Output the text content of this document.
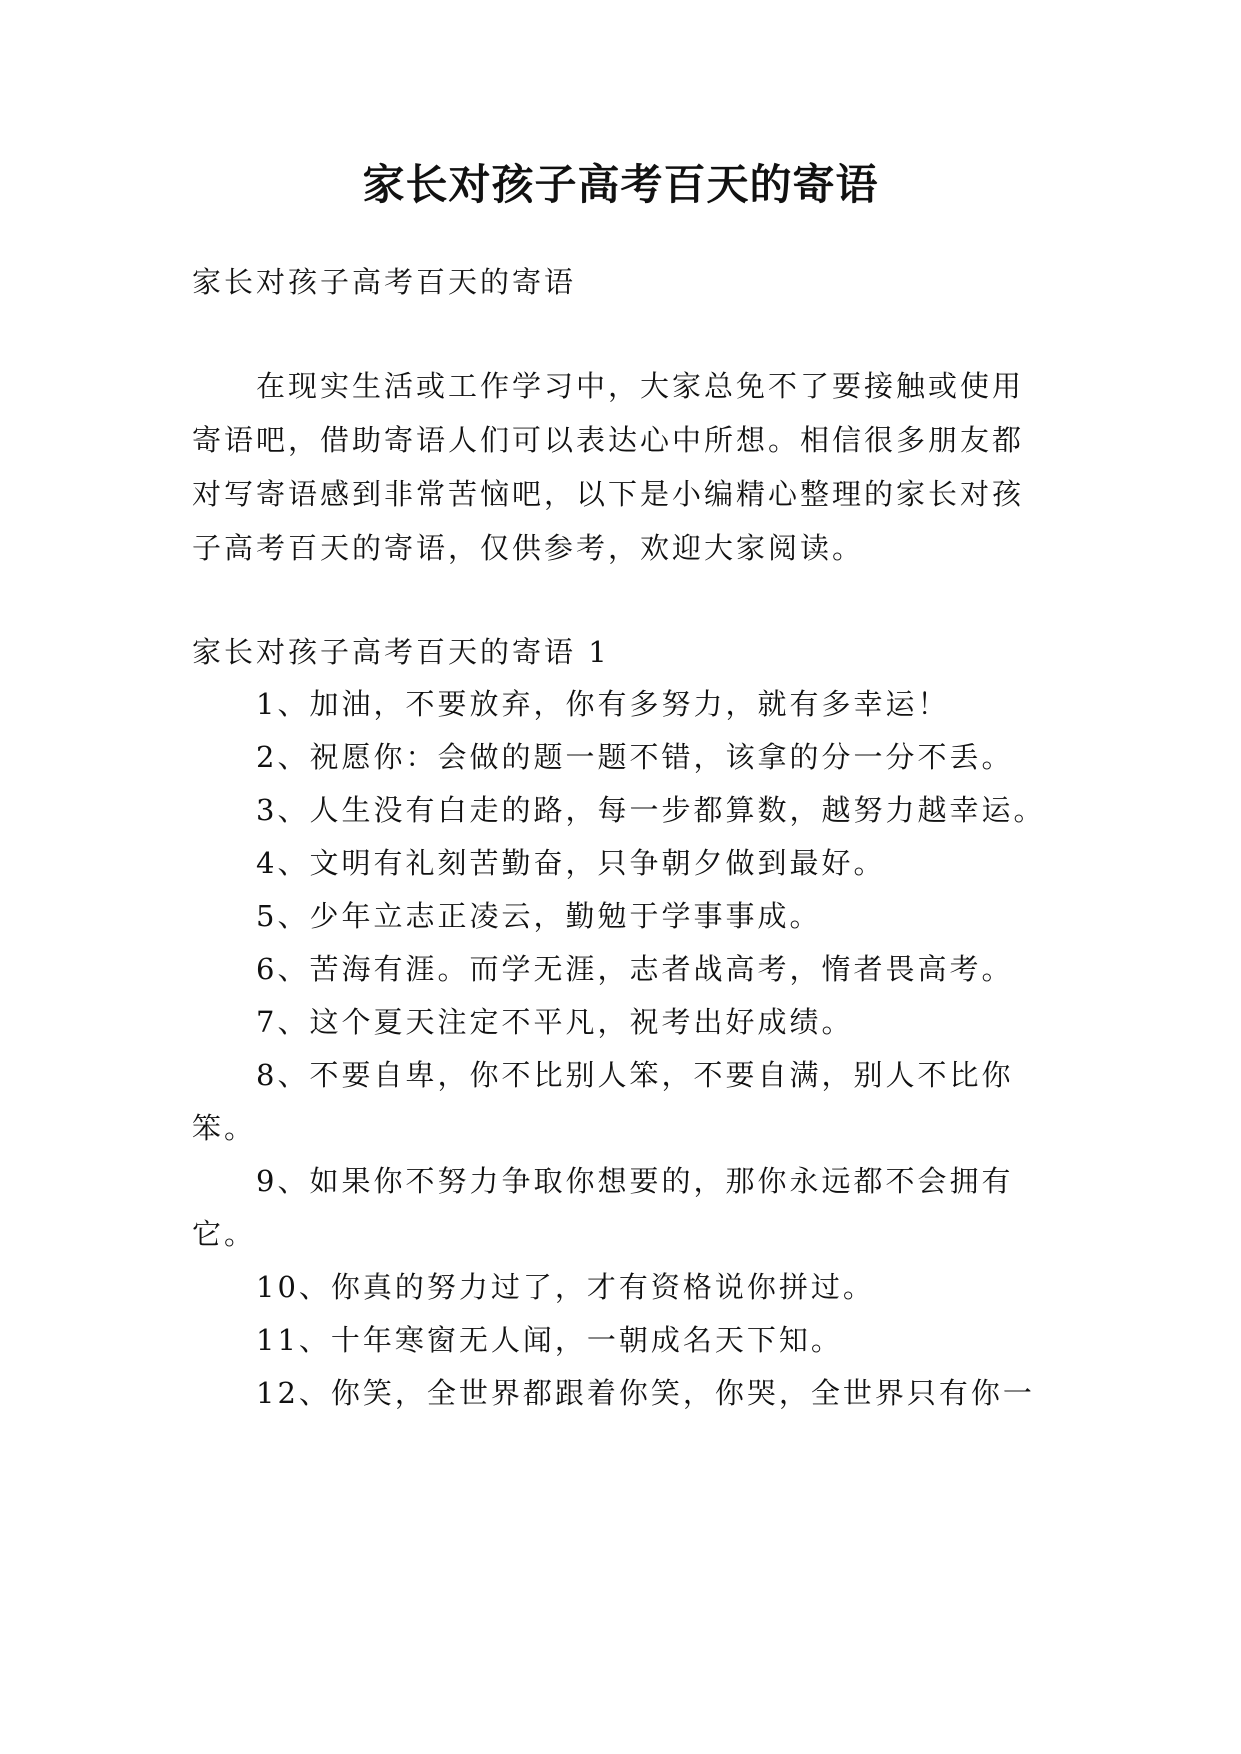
家长对孩子高考百天的寄语
家长对孩子高考百天的寄语
在现实生活或工作学习中，大家总免不了要接触或使用
寄语吧，借助寄语人们可以表达心中所想。相信很多朋友都
对写寄语感到非常苦恼吧，以下是小编精心整理的家长对孩
子高考百天的寄语，仅供参考，欢迎大家阅读。
家长对孩子高考百天的寄语 1
1、加油，不要放弃，你有多努力，就有多幸运！
2、祝愿你：会做的题一题不错，该拿的分一分不丢。
3、人生没有白走的路，每一步都算数，越努力越幸运。
4、文明有礼刻苦勤奋，只争朝夕做到最好。
5、少年立志正凌云，勤勉于学事事成。
6、苦海有涯。而学无涯，志者战高考，惰者畏高考。
7、这个夏天注定不平凡，祝考出好成绩。
8、不要自卑，你不比别人笨，不要自满，别人不比你
笨。
9、如果你不努力争取你想要的，那你永远都不会拥有
它。
10、你真的努力过了，才有资格说你拼过。
11、十年寒窗无人闻，一朝成名天下知。
12、你笑，全世界都跟着你笑，你哭，全世界只有你一
